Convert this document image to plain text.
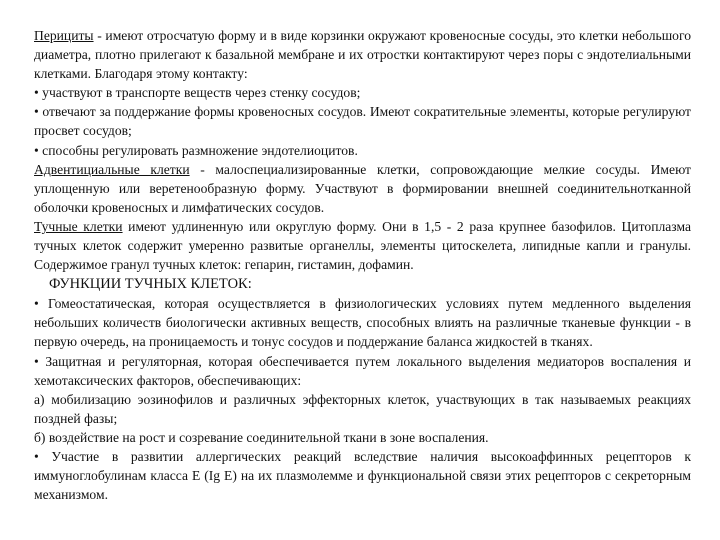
Перициты - имеют отросчатую форму и в виде корзинки окружают кровеносные сосуды, это клетки небольшого диаметра, плотно прилегают к базальной мембране и их отростки контактируют через поры с эндотелиальными клетками. Благодаря этому контакту:

• участвуют в транспорте веществ через стенку сосудов;

• отвечают за поддержание формы кровеносных сосудов. Имеют сократительные элементы, которые регулируют просвет сосудов;

• способны регулировать размножение эндотелиоцитов.

Адвентициальные клетки - малоспециализированные клетки, сопровождающие мелкие сосуды. Имеют уплощенную или веретенообразную форму. Участвуют в формировании внешней соединительнотканной оболочки кровеносных и лимфатических сосудов.

Тучные клетки имеют удлиненную или округлую форму. Они в 1,5 - 2 раза крупнее базофилов. Цитоплазма тучных клеток содержит умеренно развитые органеллы, элементы цитоскелета, липидные капли и гранулы. Содержимое гранул тучных клеток: гепарин, гистамин, дофамин.

ФУНКЦИИ ТУЧНЫХ КЛЕТОК:

• Гомеостатическая, которая осуществляется в физиологических условиях путем медленного выделения небольших количеств биологически активных веществ, способных влиять на различные тканевые функции - в первую очередь, на проницаемость и тонус сосудов и поддержание баланса жидкостей в тканях.

• Защитная и регуляторная, которая обеспечивается путем локального выделения медиаторов воспаления и хемотаксических факторов, обеспечивающих:

а) мобилизацию эозинофилов и различных эффекторных клеток, участвующих в так называемых реакциях поздней фазы;

б) воздействие на рост и созревание соединительной ткани в зоне воспаления.

• Участие в развитии аллергических реакций вследствие наличия высокоаффинных рецепторов к иммуноглобулинам класса Е (Ig Е) на их плазмолемме и функциональной связи этих рецепторов с секреторным механизмом.
